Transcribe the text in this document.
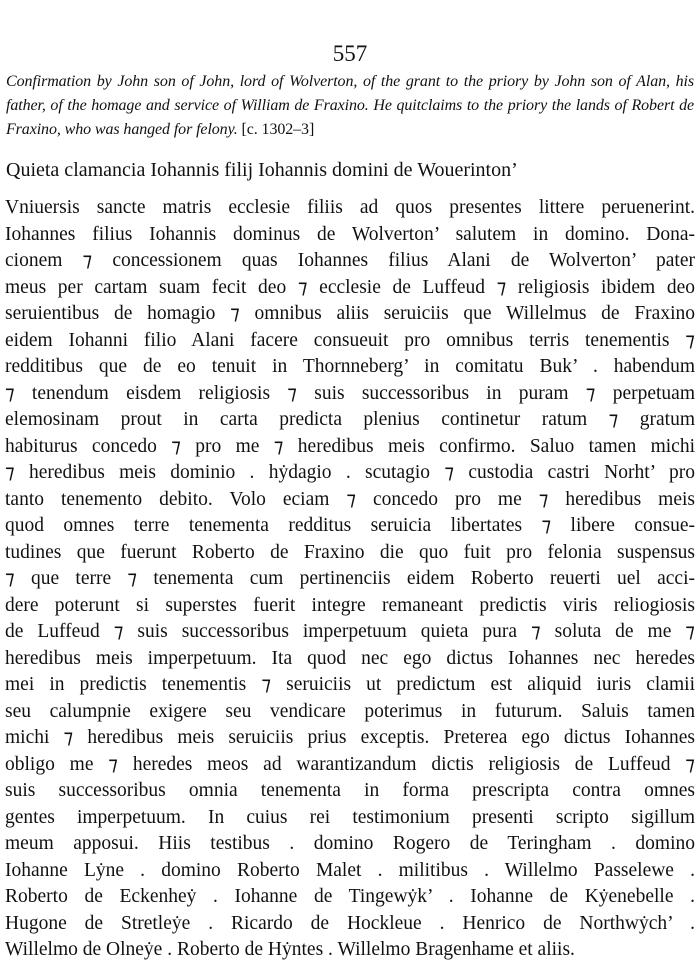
557
Confirmation by John son of John, lord of Wolverton, of the grant to the priory by John son of Alan, his father, of the homage and service of William de Fraxino. He quitclaims to the priory the lands of Robert de Fraxino, who was hanged for felony. [c. 1302–3]
Quieta clamancia Iohannis filij Iohannis domini de Wouerinton’
Vniuersis sancte matris ecclesie filiis ad quos presentes littere peruenerint.
Iohannes filius Iohannis dominus de Wolverton’ salutem in domino. Dona-
cionem ⁊ concessionem quas Iohannes filius Alani de Wolverton’ pater
meus per cartam suam fecit deo ⁊ ecclesie de Luffeud ⁊ religiosis ibidem deo
seruientibus de homagio ⁊ omnibus aliis seruiciis que Willelmus de Fraxino
eidem Iohanni filio Alani facere consueuit pro omnibus terris tenementis ⁊
redditibus que de eo tenuit in Thornneberg’ in comitatu Buk’ . habendum
⁊ tenendum eisdem religiosis ⁊ suis successoribus in puram ⁊ perpetuam
elemosinam prout in carta predicta plenius continetur ratum ⁊ gratum
habiturus concedo ⁊ pro me ⁊ heredibus meis confirmo. Saluo tamen michi
⁊ heredibus meis dominio . hẏdagio . scutagio ⁊ custodia castri Norht’ pro
tanto tenemento debito. Volo eciam ⁊ concedo pro me ⁊ heredibus meis
quod omnes terre tenementa redditus seruicia libertates ⁊ libere consue-
tudines que fuerunt Roberto de Fraxino die quo fuit pro felonia suspensus
⁊ que terre ⁊ tenementa cum pertinenciis eidem Roberto reuerti uel acci-
dere poterunt si superstes fuerit integre remaneant predictis viris reliogiosis
de Luffeud ⁊ suis successoribus imperpetuum quieta pura ⁊ soluta de me ⁊
heredibus meis imperpetuum. Ita quod nec ego dictus Iohannes nec heredes
mei in predictis tenementis ⁊ seruiciis ut predictum est aliquid iuris clamii
seu calumpnie exigere seu vendicare poterimus in futurum. Saluis tamen
michi ⁊ heredibus meis seruiciis prius exceptis. Preterea ego dictus Iohannes
obligo me ⁊ heredes meos ad warantizandum dictis religiosis de Luffeud ⁊
suis successoribus omnia tenementa in forma prescripta contra omnes
gentes imperpetuum. In cuius rei testimonium presenti scripto sigillum
meum apposui. Hiis testibus . domino Rogero de Teringham . domino
Iohanne Lẏne . domino Roberto Malet . militibus . Willelmo Passelewe .
Roberto de Eckenheẏ . Iohanne de Tingewẏk’ . Iohanne de Kẏenebelle .
Hugone de Stretleẏe . Ricardo de Hockleue . Henrico de Northwẏch’ .
Willelmo de Olneẏe . Roberto de Hẏntes . Willelmo Bragenhame et aliis.
